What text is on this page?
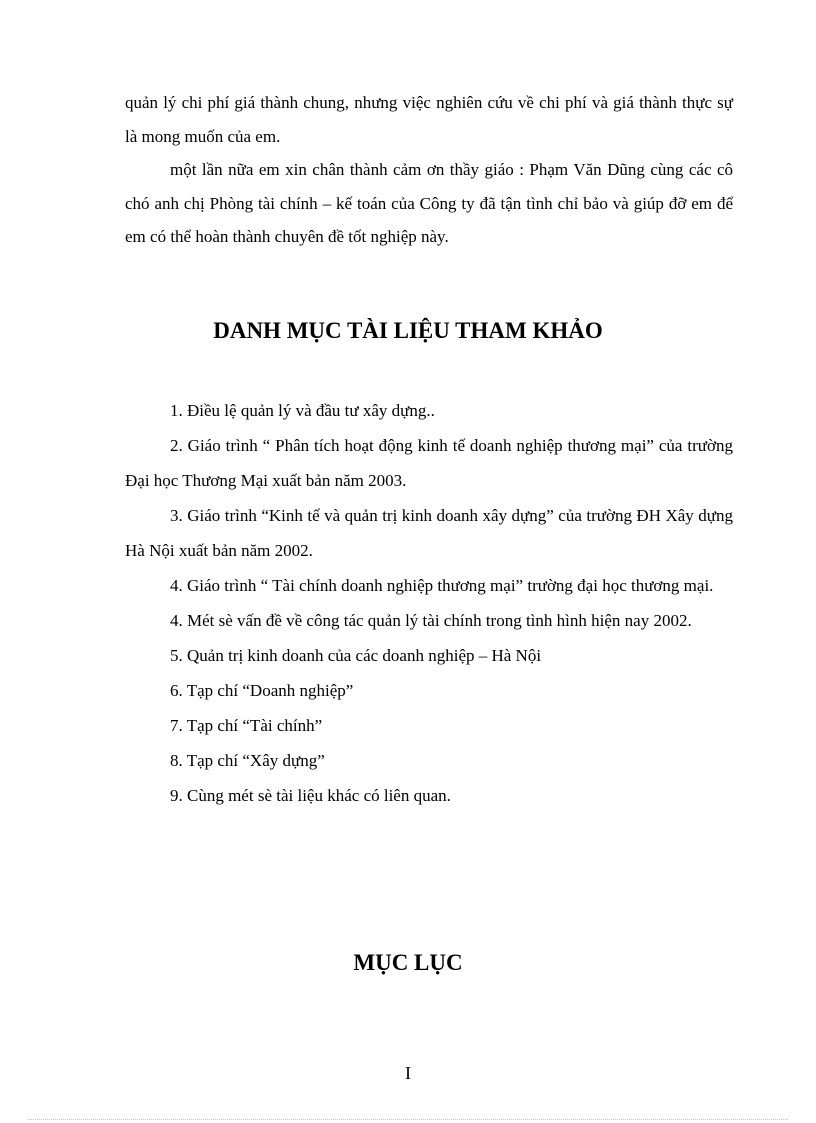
quản lý chi phí giá thành chung, nhưng việc nghiên cứu về chi phí và giá thành thực sự là mong muốn của em.

một lần nữa em xin chân thành cảm ơn thầy giáo : Phạm Văn Dũng cùng các cô chó anh chị Phòng tài chính – kế toán của Công ty đã tận tình chỉ bảo và giúp đỡ em để em có thể hoàn thành chuyên đề tốt nghiệp này.

DANH MỤC TÀI LIỆU THAM KHẢO

1. Điều lệ quản lý và đầu tư xây dựng..

2. Giáo trình “ Phân tích hoạt động kinh tế doanh nghiệp thương mại” của trường Đại học Thương Mại xuất bản năm 2003.

3. Giáo trình “Kinh tế và quản trị kinh doanh xây dựng” của trường ĐH Xây dựng Hà Nội xuất bản năm 2002.

4. Giáo trình “ Tài chính doanh nghiệp thương mại” trường đại học thương mại.

4. Mét sè vấn đề về công tác quản lý tài chính trong tình hình hiện nay 2002.

5. Quản trị kinh doanh của các doanh nghiệp – Hà Nội

6. Tạp chí “Doanh nghiệp”

7. Tạp chí “Tài chính”

8. Tạp chí “Xây dựng”

9. Cùng mét sè tài liệu khác có liên quan.

MỤC LỤC
I
